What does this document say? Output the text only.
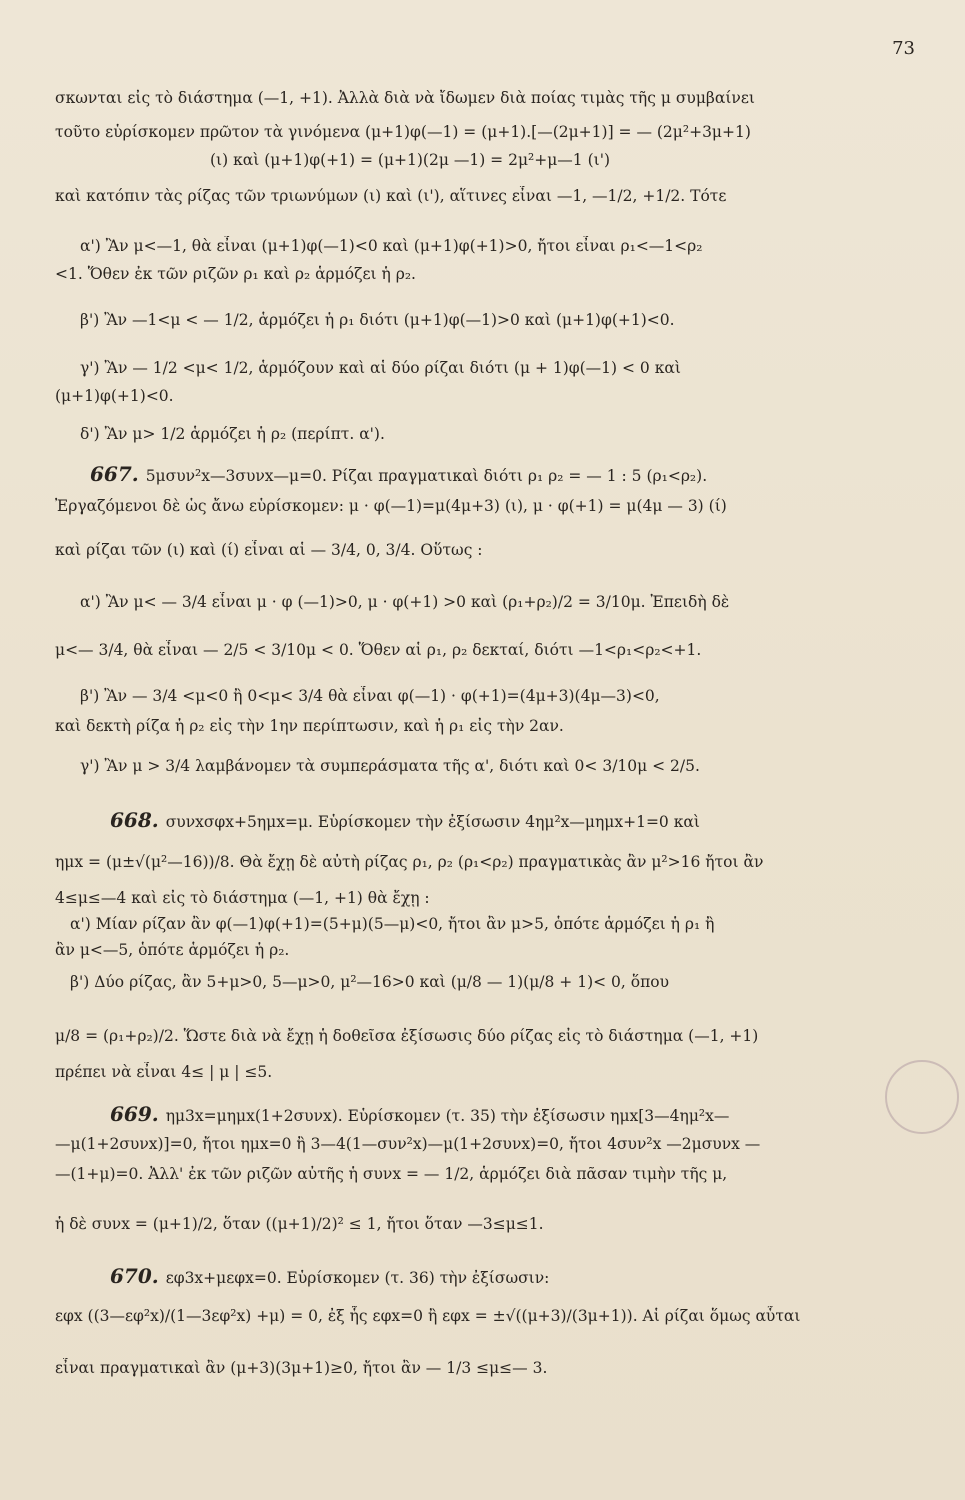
73
σκωνται εἰς τὸ διάστημα (—1, +1). Ἀλλὰ διὰ νὰ ἴδωμεν διὰ ποίας τιμὰς τῆς μ συμβαίνει
τοῦτο εὑρίσκομεν πρῶτον τὰ γινόμενα (μ+1)φ(—1) = (μ+1).[—(2μ+1)] = — (2μ²+3μ+1)
(ι) καὶ (μ+1)φ(+1) = (μ+1)(2μ —1) = 2μ²+μ—1 (ι')
καὶ κατόπιν τὰς ρίζας τῶν τριωνύμων (ι) καὶ (ι'), αἵτινες εἶναι —1, —1/2, +1/2. Τότε
α') Ἂν μ<—1, θὰ εἶναι (μ+1)φ(—1)<0 καὶ (μ+1)φ(+1)>0, ἤτοι εἶναι ρ₁<—1<ρ₂
<1. Ὅθεν ἐκ τῶν ριζῶν ρ₁ καὶ ρ₂ ἁρμόζει ἡ ρ₂.
β') Ἂν —1<μ < — 1/2, ἁρμόζει ἡ ρ₁ διότι (μ+1)φ(—1)>0 καὶ (μ+1)φ(+1)<0.
γ') Ἂν — 1/2 <μ< 1/2, ἁρμόζουν καὶ αἱ δύο ρίζαι διότι (μ + 1)φ(—1) < 0 καὶ
(μ+1)φ(+1)<0.
δ') Ἂν μ> 1/2 ἁρμόζει ἡ ρ₂ (περίπτ. α').
667. 5μσυν²x—3συνx—μ=0. Ρίζαι πραγματικαὶ διότι ρ₁ ρ₂ = — 1 : 5 (ρ₁<ρ₂).
Ἐργαζόμενοι δὲ ὡς ἄνω εὑρίσκομεν: μ · φ(—1)=μ(4μ+3) (ι), μ · φ(+1) = μ(4μ — 3) (ί)
καὶ ρίζαι τῶν (ι) καὶ (ί) εἶναι αἱ — 3/4, 0, 3/4. Οὕτως :
α') Ἂν μ< — 3/4 εἶναι μ · φ (—1)>0, μ · φ(+1) >0 καὶ (ρ₁+ρ₂)/2 = 3/10μ. Ἐπειδὴ δὲ
μ<— 3/4, θὰ εἶναι — 2/5 < 3/10μ < 0. Ὅθεν αἱ ρ₁, ρ₂ δεκταί, διότι —1<ρ₁<ρ₂<+1.
β') Ἂν — 3/4 <μ<0 ἢ 0<μ< 3/4 θὰ εἶναι φ(—1) · φ(+1)=(4μ+3)(4μ—3)<0,
καὶ δεκτὴ ρίζα ἡ ρ₂ εἰς τὴν 1ην περίπτωσιν, καὶ ἡ ρ₁ εἰς τὴν 2αν.
γ') Ἂν μ > 3/4 λαμβάνομεν τὰ συμπεράσματα τῆς α', διότι καὶ 0< 3/10μ < 2/5.
668. συνxσφx+5ημx=μ. Εὑρίσκομεν τὴν ἐξίσωσιν 4ημ²x—μημx+1=0 καὶ
ημx = (μ±√(μ²—16))/8. Θὰ ἔχῃ δὲ αὐτὴ ρίζας ρ₁, ρ₂ (ρ₁<ρ₂) πραγματικὰς ἂν μ²>16 ἤτοι ἂν
4≤μ≤—4 καὶ εἰς τὸ διάστημα (—1, +1) θὰ ἔχῃ :
α') Μίαν ρίζαν ἂν φ(—1)φ(+1)=(5+μ)(5—μ)<0, ἤτοι ἂν μ>5, ὁπότε ἁρμόζει ἡ ρ₁ ἢ
ἂν μ<—5, ὁπότε ἁρμόζει ἡ ρ₂.
β') Δύο ρίζας, ἂν 5+μ>0, 5—μ>0, μ²—16>0 καὶ (μ/8 — 1)(μ/8 + 1)< 0, ὅπου
μ/8 = (ρ₁+ρ₂)/2. Ὥστε διὰ νὰ ἔχῃ ἡ δοθεῖσα ἐξίσωσις δύο ρίζας εἰς τὸ διάστημα (—1, +1)
πρέπει νὰ εἶναι 4≤ | μ | ≤5.
669. ημ3x=μημx(1+2συνx). Εὑρίσκομεν (τ. 35) τὴν ἐξίσωσιν ημx[3—4ημ²x—
—μ(1+2συνx)]=0, ἤτοι ημx=0 ἢ 3—4(1—συν²x)—μ(1+2συνx)=0, ἤτοι 4συν²x —2μσυνx —
—(1+μ)=0. Ἀλλ' ἐκ τῶν ριζῶν αὐτῆς ἡ συνx = — 1/2, ἁρμόζει διὰ πᾶσαν τιμὴν τῆς μ,
ἡ δὲ συνx = (μ+1)/2, ὅταν ((μ+1)/2)² ≤ 1, ἤτοι ὅταν —3≤μ≤1.
670. εφ3x+μεφx=0. Εὑρίσκομεν (τ. 36) τὴν ἐξίσωσιν:
εφx ((3—εφ²x)/(1—3εφ²x) +μ) = 0, ἐξ ἧς εφx=0 ἢ εφx = ±√((μ+3)/(3μ+1)). Αἱ ρίζαι ὅμως αὗται
εἶναι πραγματικαὶ ἂν (μ+3)(3μ+1)≥0, ἤτοι ἂν — 1/3 ≤μ≤— 3.
